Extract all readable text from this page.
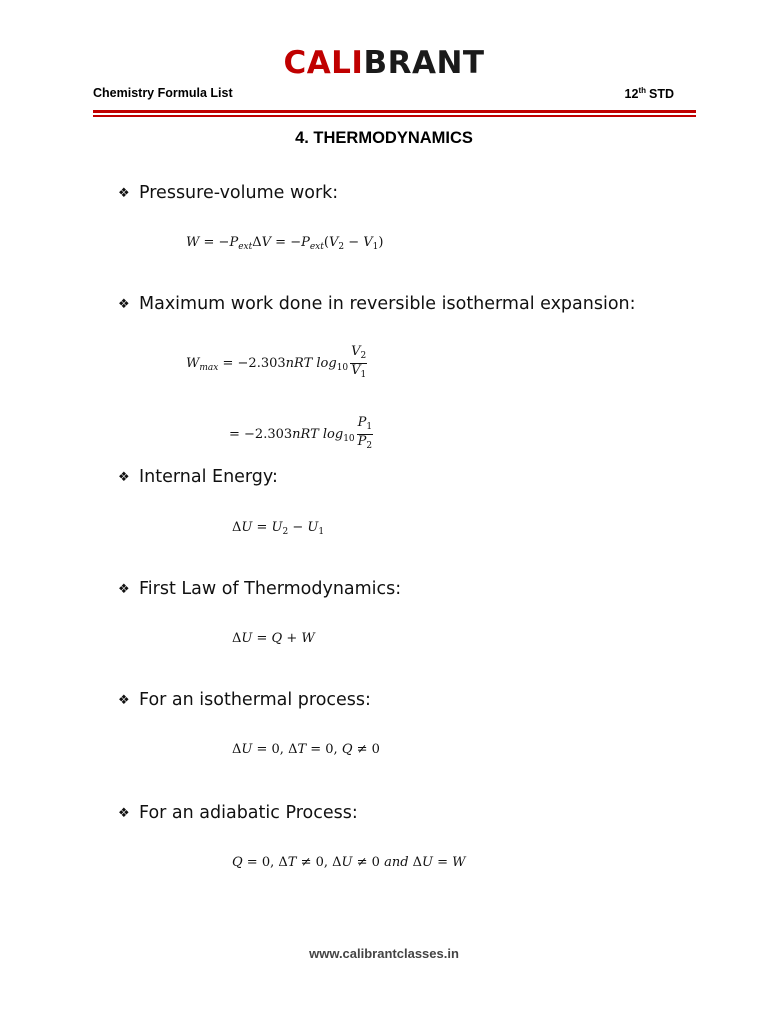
CALIBRANT
Chemistry Formula List	12th STD
4. THERMODYNAMICS
❖ Pressure-volume work:
$W = -P_{ext}\Delta V = -P_{ext}(V_2 - V_1)$
❖ Maximum work done in reversible isothermal expansion:
$W_{max} = -2.303nRT$ $\log_{10} \frac{V_2}{V_1}$
= −2.303nRT $\log_{10} \frac{P_1}{P_2}$
❖ Internal Energy:
$\Delta U = U_2 - U_1$
❖ First Law of Thermodynamics:
ΔU = Q + W
❖ For an isothermal process:
ΔU = 0, ΔT = 0, Q ≠ 0
❖ For an adiabatic Process:
Q = 0, ΔT ≠ 0, ΔU ≠ 0 and ΔU = W
www.calibrantclasses.in
